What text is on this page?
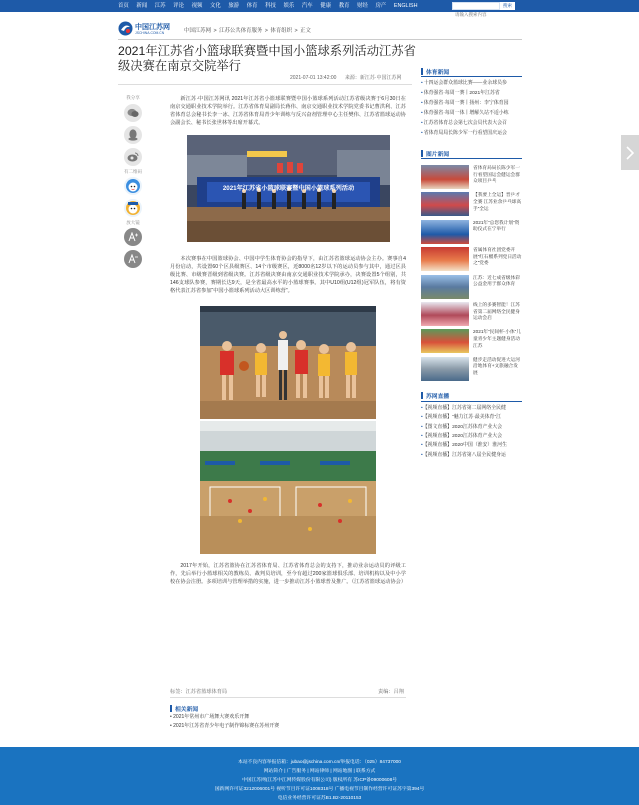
首页 新闻 江苏 评论 视频 文化 旅游 体育 科技 娱乐 汽车 健康 教育 财经 房产 ENGLISH
请输入搜索内容	搜索
中国江苏网
JSCHINA.COM.CN	中国江苏网 > 江苏公共体育服务 > 体育组织 > 正文
2021年江苏省小篮球联赛暨中国小篮球系列活动江苏省级决赛在南京交院举行
2021-07-01 13:42:00 来源：新江苏·中国江苏网
我分享
有二维码
放大镜

新江苏·中国江苏网讯 2021年江苏省小篮球联赛暨中国小篮球系列活动江苏省级决赛于6月30日在南京交通职业技术学院举行。江苏省体育局副局长蒋伟、南京交通职业技术学院党委书记曹洪利、江苏省体育总会秘书长李一冰、江苏省体育局青少年训练与反兴奋剂管理中心主任樊伟、江苏省篮球运动协会副会长、秘书长张世林等出席开幕式。

2021年江苏省小篮球联赛暨中国小篮球系列活动

本次赛事在中国篮球协会、中国中学生体育协会的指导下，由江苏省篮球运动协会主办。赛事自4月份启动，共设置60个区县级赛区、14个市级赛区，近8000名12岁以下的运动员参与其中，通过区县级比赛、市级赛晋级到省级决赛。江苏省级决赛由南京交通职业技术学院承办，决赛设置5个组别，共146支球队参赛，赛期长达9天，是全省最高水平的小篮球赛事。其中U10组(U12组)冠军队伍，将有资格代表江苏省参加“中国小篮球系列活动大区训练营”。

2017年开始，江苏省篮协在江苏省体育局、江苏省体育总会的支持下，推动业余运动员的评级工作，先后举行小篮球相关的教练员、裁判员培训，至今有超过200家篮球俱乐部、培训机构以及中小学校在协会注册。多项培训与管理举措的实施，进一步推动江苏小篮球普及推广。（江苏省篮球运动协会）

标签：江苏省篮球体育局	责编：吕翔
相关新闻
• 2021年常州市广场舞大赛欢乐开舞
• 2021年江苏省青少年电子制作锦标赛在苏州开赛
体育新闻
•十四运会群众篮球比赛——业余球员参
•体育强省·每周一赛丨2021年江苏省
•体育强省·每周一赛丨扬州：李宁体育园
•体育强省·每周一体丨增解久站不适小练
•江苏省体育总会第七次会员代表大会召
•省体育局局长陈少军一行看望国庆运会
图片新闻
省体育局局长陈少军一行看望国运会健运会群众项目乒乓
【我要上全运】晋乒才全赛 江苏业余乒乓球高手“全运
2021年“总您我计划”资助仪式在宁举行
省属体育社团党委开展“红石榴系列党日活动之“党委
江苏：近七成省级体彩公益金用于群众体育
线上的多赛智能！江苏省第二届网络全民健身运动会启
2021年“民间杯·小体”儿童青少年主题健身活动江苏
健步走活动促进大运河沿地体育+文旅融合发展
苏网直播
•【视频直播】江苏省第二届网络全民健
•【视频直播】“魅力江苏·最美体育”江
•【图文直播】2020江苏体育产业大会
•【视频直播】2020江苏体育产业大会
•【视频直播】2020中国（淮安）淮河生
•【视频直播】江苏省第八届全民健身运
本站不良内容举报信箱：jubao@jschina.com.cn/举报电话：（025）84737000
网站简介 | 广告服务 | 网站律师 | 网站地图 | 联系方式
中国江苏网(江苏中江网传媒股份有限公司) 版权所有 苏ICP备09000608号
国新网许可证3212006001号 视听节目许可证1008318号 广播电视节目制作经营许可证苏字第394号
电信业务经营许可证苏B1.B2-20110153
